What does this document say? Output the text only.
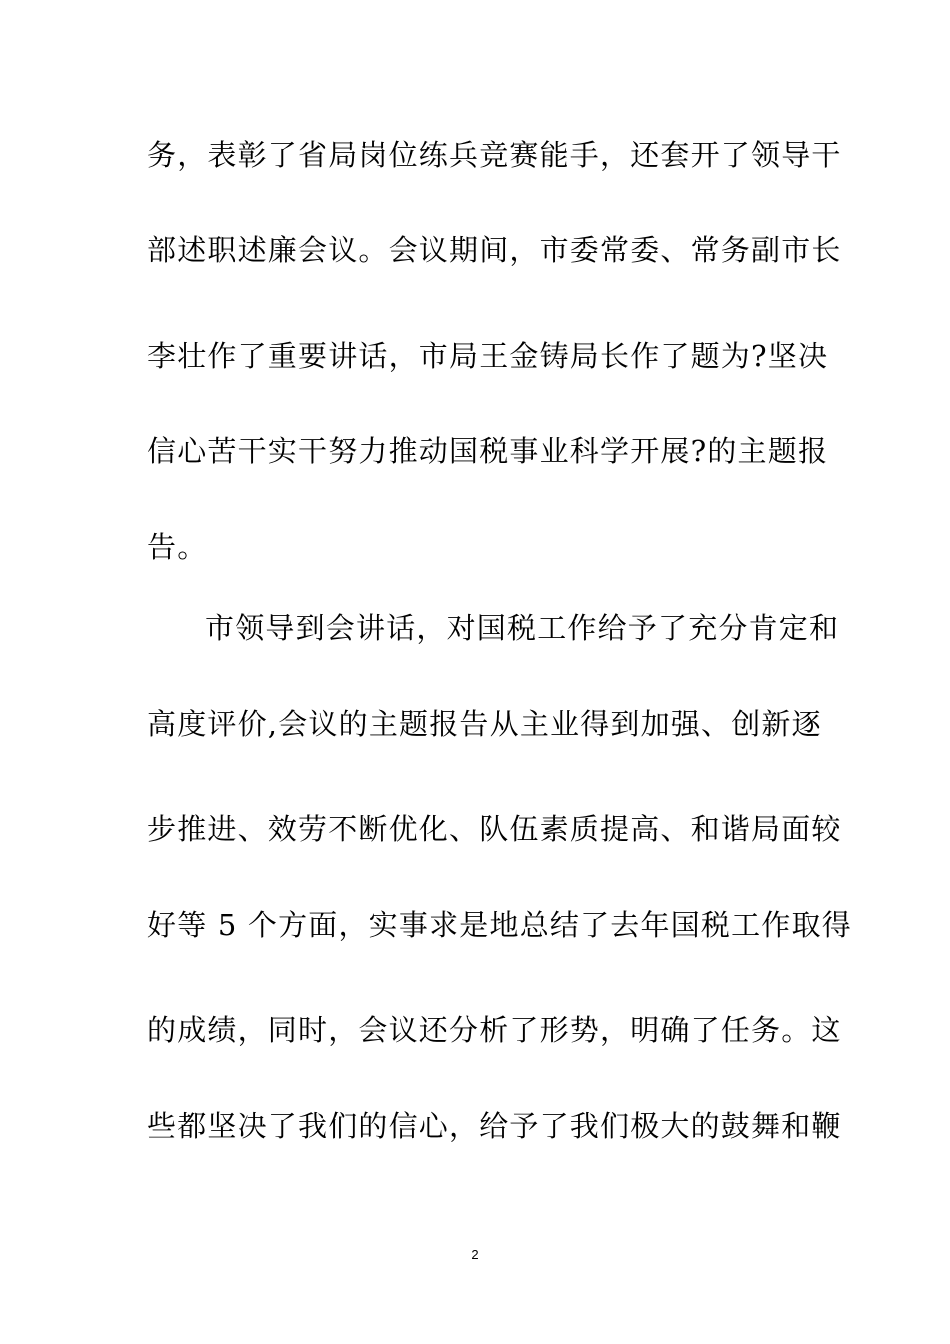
务，表彰了省局岗位练兵竞赛能手，还套开了领导干
部述职述廉会议。会议期间，市委常委、常务副市长
李壮作了重要讲话，市局王金铸局长作了题为?坚决
信心苦干实干努力推动国税事业科学开展?的主题报
告。
市领导到会讲话，对国税工作给予了充分肯定和
高度评价,会议的主题报告从主业得到加强、创新逐
步推进、效劳不断优化、队伍素质提高、和谐局面较
好等 5 个方面，实事求是地总结了去年国税工作取得
的成绩，同时，会议还分析了形势，明确了任务。这
些都坚决了我们的信心，给予了我们极大的鼓舞和鞭
2
